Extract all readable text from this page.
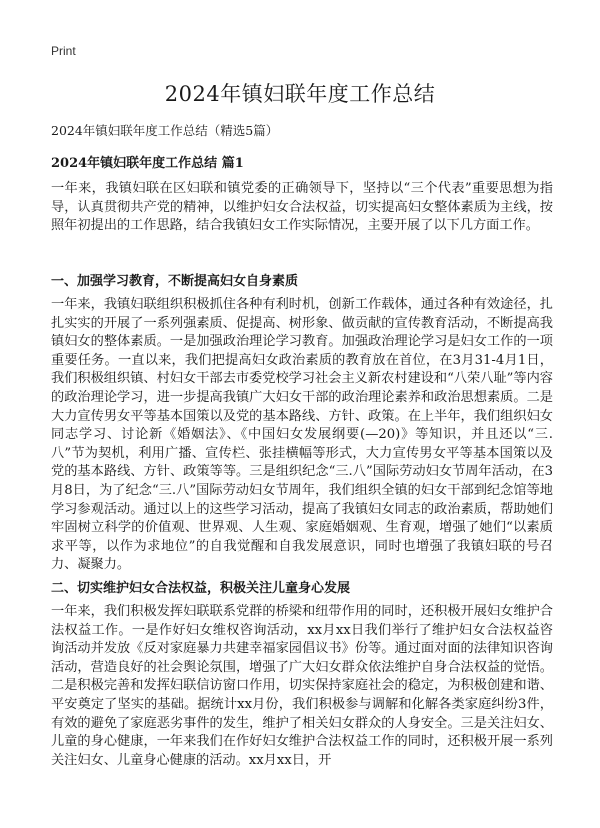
Print
2024年镇妇联年度工作总结

2024年镇妇联年度工作总结（精选5篇）

2024年镇妇联年度工作总结 篇1

一年来，我镇妇联在区妇联和镇党委的正确领导下，坚持以“三个代表”重要思想为指导，认真贯彻共产党的精神，以维护妇女合法权益，切实提高妇女整体素质为主线，按照年初提出的工作思路，结合我镇妇女工作实际情况，主要开展了以下几方面工作。

一、加强学习教育，不断提高妇女自身素质

一年来，我镇妇联组织积极抓住各种有利时机，创新工作载体，通过各种有效途径，扎扎实实的开展了一系列强素质、促提高、树形象、做贡献的宣传教育活动，不断提高我镇妇女的整体素质。一是加强政治理论学习教育。加强政治理论学习是妇女工作的一项重要任务。一直以来，我们把提高妇女政治素质的教育放在首位，在3月31-4月1日，我们积极组织镇、村妇女干部去市委党校学习社会主义新农村建设和“八荣八耻”等内容的政治理论学习，进一步提高我镇广大妇女干部的政治理论素养和政治思想素质。二是大力宣传男女平等基本国策以及党的基本路线、方针、政策。在上半年，我们组织妇女同志学习、讨论新《婚姻法》、《中国妇女发展纲要(—20)》等知识，并且还以“三.八”节为契机，利用广播、宣传栏、张挂横幅等形式，大力宣传男女平等基本国策以及党的基本路线、方针、政策等等。三是组织纪念“三.八”国际劳动妇女节周年活动，在3月8日，为了纪念“三.八”国际劳动妇女节周年，我们组织全镇的妇女干部到纪念馆等地学习参观活动。通过以上的这些学习活动，提高了我镇妇女同志的政治素质，帮助她们牢固树立科学的价值观、世界观、人生观、家庭婚姻观、生育观，增强了她们“以素质求平等，以作为求地位”的自我觉醒和自我发展意识，同时也增强了我镇妇联的号召力、凝聚力。

二、切实维护妇女合法权益，积极关注儿童身心发展

一年来，我们积极发挥妇联联系党群的桥梁和纽带作用的同时，还积极开展妇女维护合法权益工作。一是作好妇女维权咨询活动，xx月xx日我们举行了维护妇女合法权益咨询活动并发放《反对家庭暴力共建幸福家园倡议书》份等。通过面对面的法律知识咨询活动，营造良好的社会舆论氛围，增强了广大妇女群众依法维护自身合法权益的觉悟。二是积极完善和发挥妇联信访窗口作用，切实保持家庭社会的稳定，为积极创建和谐、平安奠定了坚实的基础。据统计xx月份，我们积极参与调解和化解各类家庭纠纷3件，有效的避免了家庭恶劣事件的发生，维护了相关妇女群众的人身安全。三是关注妇女、儿童的身心健康，一年来我们在作好妇女维护合法权益工作的同时，还积极开展一系列关注妇女、儿童身心健康的活动。xx月xx日，开
